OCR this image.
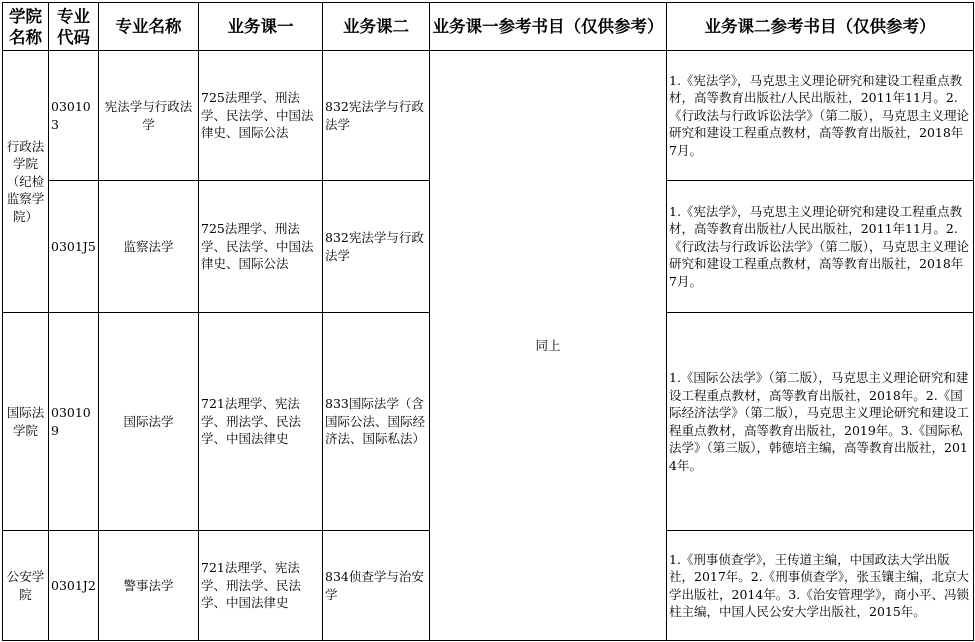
学院名称	专业代码	专业名称	业务课一	业务课二	业务课一参考书目（仅供参考）	业务课二参考书目（仅供参考）
行政法学院（纪检监察学院）	030103	宪法学与行政法学	725法理学、刑法学、民法学、中国法律史、国际公法	832宪法学与行政法学	同上	1.《宪法学》，马克思主义理论研究和建设工程重点教材，高等教育出版社/人民出版社，2011年11月。2.《行政法与行政诉讼法学》（第二版），马克思主义理论研究和建设工程重点教材，高等教育出版社，2018年7月。
	0301J5	监察法学	725法理学、刑法学、民法学、中国法律史、国际公法	832宪法学与行政法学		1.《宪法学》，马克思主义理论研究和建设工程重点教材，高等教育出版社/人民出版社，2011年11月。2.《行政法与行政诉讼法学》（第二版），马克思主义理论研究和建设工程重点教材，高等教育出版社，2018年7月。
国际法学院	030109	国际法学	721法理学、宪法学、刑法学、民法学、中国法律史	833国际法学（含国际公法、国际经济法、国际私法）		1.《国际公法学》（第二版），马克思主义理论研究和建设工程重点教材，高等教育出版社，2018年。2.《国际经济法学》（第二版），马克思主义理论研究和建设工程重点教材，高等教育出版社，2019年。3.《国际私法学》（第三版），韩德培主编，高等教育出版社，2014年。
公安学院	0301J2	警事法学	721法理学、宪法学、刑法学、民法学、中国法律史	834侦查学与治安学		1.《刑事侦查学》，王传道主编，中国政法大学出版社，2017年。2.《刑事侦查学》，张玉镶主编，北京大学出版社，2014年。3.《治安管理学》，商小平、冯锁柱主编，中国人民公安大学出版社，2015年。
